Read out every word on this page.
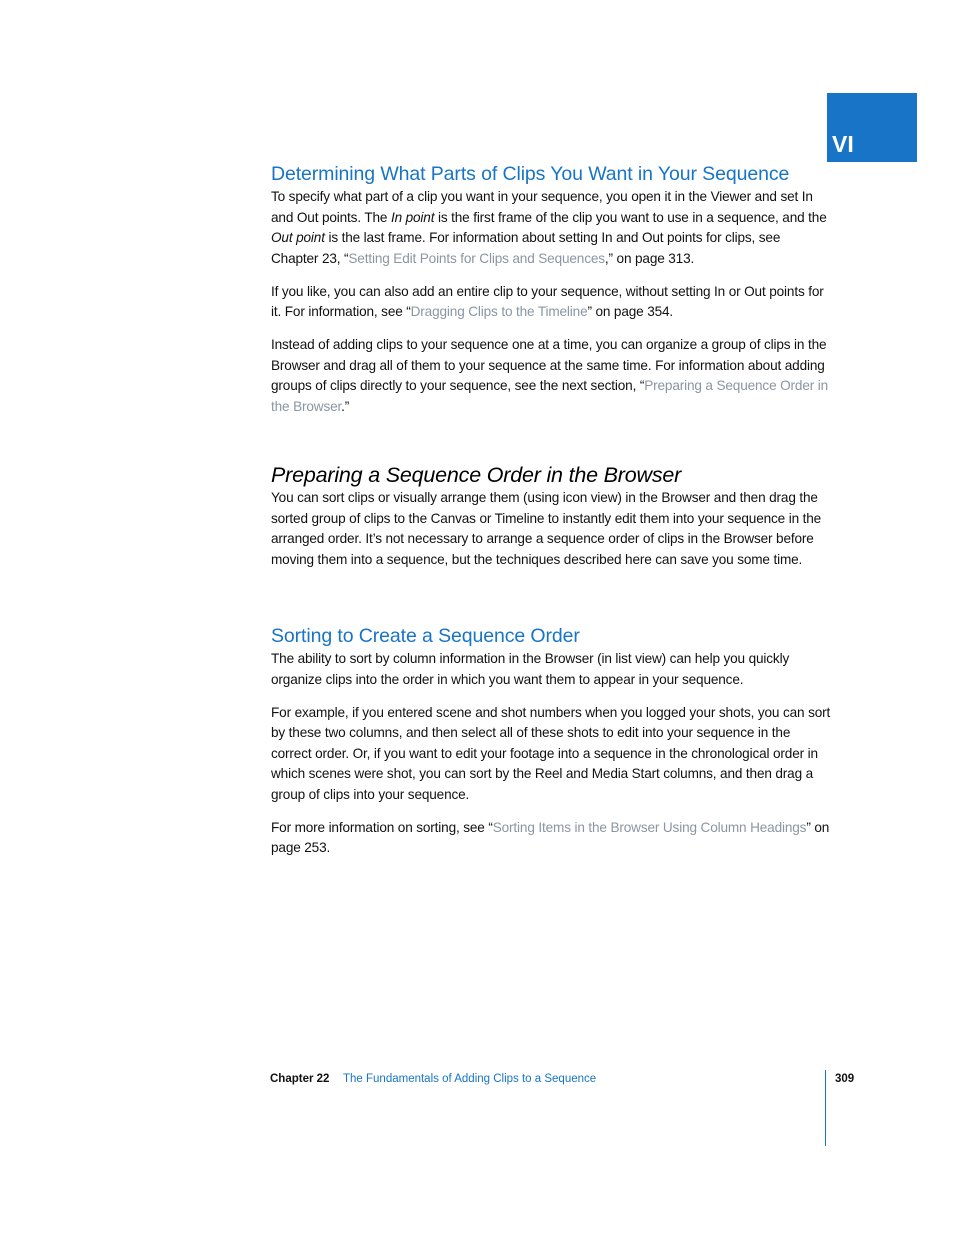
VI
Determining What Parts of Clips You Want in Your Sequence

To specify what part of a clip you want in your sequence, you open it in the Viewer and set In and Out points. The In point is the first frame of the clip you want to use in a sequence, and the Out point is the last frame. For information about setting In and Out points for clips, see Chapter 23, “Setting Edit Points for Clips and Sequences,” on page 313.

If you like, you can also add an entire clip to your sequence, without setting In or Out points for it. For information, see “Dragging Clips to the Timeline” on page 354.

Instead of adding clips to your sequence one at a time, you can organize a group of clips in the Browser and drag all of them to your sequence at the same time. For information about adding groups of clips directly to your sequence, see the next section, “Preparing a Sequence Order in the Browser.”

Preparing a Sequence Order in the Browser

You can sort clips or visually arrange them (using icon view) in the Browser and then drag the sorted group of clips to the Canvas or Timeline to instantly edit them into your sequence in the arranged order. It’s not necessary to arrange a sequence order of clips in the Browser before moving them into a sequence, but the techniques described here can save you some time.

Sorting to Create a Sequence Order

The ability to sort by column information in the Browser (in list view) can help you quickly organize clips into the order in which you want them to appear in your sequence.

For example, if you entered scene and shot numbers when you logged your shots, you can sort by these two columns, and then select all of these shots to edit into your sequence in the correct order. Or, if you want to edit your footage into a sequence in the chronological order in which scenes were shot, you can sort by the Reel and Media Start columns, and then drag a group of clips into your sequence.

For more information on sorting, see “Sorting Items in the Browser Using Column Headings” on page 253.

Chapter 22 The Fundamentals of Adding Clips to a Sequence	309
